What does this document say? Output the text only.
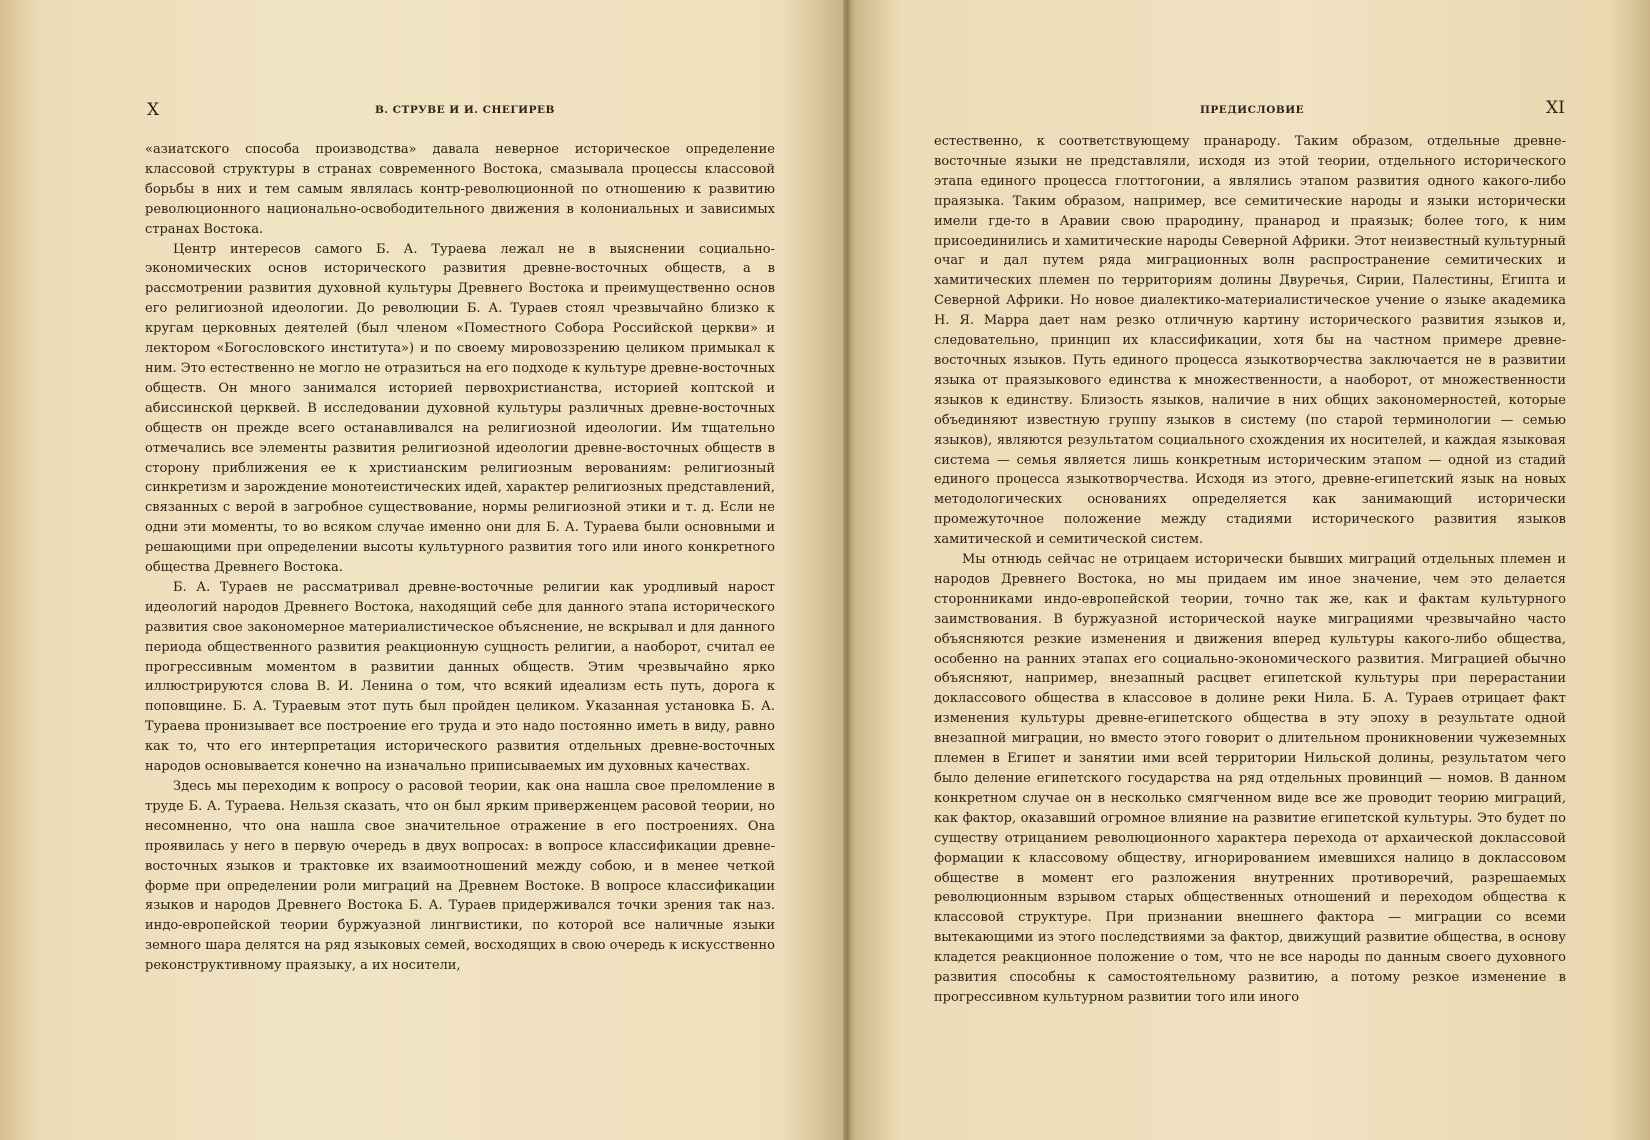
X	В. СТРУВЕ И И. СНЕГИРЕВ

«азиатского способа производства» давала неверное историческое определение классовой структуры в странах современного Востока, смазывала процессы классовой борьбы в них и тем самым являлась контр-революционной по отношению к развитию революционного национально-освободительного движения в колониальных и зависимых странах Востока.

Центр интересов самого Б. А. Тураева лежал не в выяснении социально-экономических основ исторического развития древне-восточных обществ, а в рассмотрении развития духовной культуры Древнего Востока и преимущественно основ его религиозной идеологии. До революции Б. А. Тураев стоял чрезвычайно близко к кругам церковных деятелей (был членом «Поместного Собора Российской церкви» и лектором «Богословского института») и по своему мировоззрению целиком примыкал к ним. Это естественно не могло не отразиться на его подходе к культуре древне-восточных обществ. Он много занимался историей первохристианства, историей коптской и абиссинской церквей. В исследовании духовной культуры различных древне-восточных обществ он прежде всего останавливался на религиозной идеологии. Им тщательно отмечались все элементы развития религиозной идеологии древне-восточных обществ в сторону приближения ее к христианским религиозным верованиям: религиозный синкретизм и зарождение монотеистических идей, характер религиозных представлений, связанных с верой в загробное существование, нормы религиозной этики и т. д. Если не одни эти моменты, то во всяком случае именно они для Б. А. Тураева были основными и решающими при определении высоты культурного развития того или иного конкретного общества Древнего Востока.

Б. А. Тураев не рассматривал древне-восточные религии как уродливый нарост идеологий народов Древнего Востока, находящий себе для данного этапа исторического развития свое закономерное материалистическое объяснение, не вскрывал и для данного периода общественного развития реакционную сущность религии, а наоборот, считал ее прогрессивным моментом в развитии данных обществ. Этим чрезвычайно ярко иллюстрируются слова В. И. Ленина о том, что всякий идеализм есть путь, дорога к поповщине. Б. А. Тураевым этот путь был пройден целиком. Указанная установка Б. А. Тураева пронизывает все построение его труда и это надо постоянно иметь в виду, равно как то, что его интерпретация исторического развития отдельных древне-восточных народов основывается конечно на изначально приписываемых им духовных качествах.

Здесь мы переходим к вопросу о расовой теории, как она нашла свое преломление в труде Б. А. Тураева. Нельзя сказать, что он был ярким приверженцем расовой теории, но несомненно, что она нашла свое значительное отражение в его построениях. Она проявилась у него в первую очередь в двух вопросах: в вопросе классификации древне-восточных языков и трактовке их взаимоотношений между собою, и в менее четкой форме при определении роли миграций на Древнем Востоке. В вопросе классификации языков и народов Древнего Востока Б. А. Тураев придерживался точки зрения так наз. индо-европейской теории буржуазной лингвистики, по которой все наличные языки земного шара делятся на ряд языковых семей, восходящих в свою очередь к искусственно реконструктивному праязыку, а их носители,

ПРЕДИСЛОВИЕ	XI

естественно, к соответствующему пранароду. Таким образом, отдельные древне-восточные языки не представляли, исходя из этой теории, отдельного исторического этапа единого процесса глоттогонии, а являлись этапом развития одного какого-либо праязыка. Таким образом, например, все семитические народы и языки исторически имели где-то в Аравии свою прародину, пранарод и праязык; более того, к ним присоединились и хамитические народы Северной Африки. Этот неизвестный культурный очаг и дал путем ряда миграционных волн распространение семитических и хамитических племен по территориям долины Двуречья, Сирии, Палестины, Египта и Северной Африки. Но новое диалектико-материалистическое учение о языке академика Н. Я. Марра дает нам резко отличную картину исторического развития языков и, следовательно, принцип их классификации, хотя бы на частном примере древне-восточных языков. Путь единого процесса языкотворчества заключается не в развитии языка от праязыкового единства к множественности, а наоборот, от множественности языков к единству. Близость языков, наличие в них общих закономерностей, которые объединяют известную группу языков в систему (по старой терминологии — семью языков), являются результатом социального схождения их носителей, и каждая языковая система — семья является лишь конкретным историческим этапом — одной из стадий единого процесса языкотворчества. Исходя из этого, древне-египетский язык на новых методологических основаниях определяется как занимающий исторически промежуточное положение между стадиями исторического развития языков хамитической и семитической систем.

Мы отнюдь сейчас не отрицаем исторически бывших миграций отдельных племен и народов Древнего Востока, но мы придаем им иное значение, чем это делается сторонниками индо-европейской теории, точно так же, как и фактам культурного заимствования. В буржуазной исторической науке миграциями чрезвычайно часто объясняются резкие изменения и движения вперед культуры какого-либо общества, особенно на ранних этапах его социально-экономического развития. Миграцией обычно объясняют, например, внезапный расцвет египетской культуры при перерастании доклассового общества в классовое в долине реки Нила. Б. А. Тураев отрицает факт изменения культуры древне-египетского общества в эту эпоху в результате одной внезапной миграции, но вместо этого говорит о длительном проникновении чужеземных племен в Египет и занятии ими всей территории Нильской долины, результатом чего было деление египетского государства на ряд отдельных провинций — номов. В данном конкретном случае он в несколько смягченном виде все же проводит теорию миграций, как фактор, оказавший огромное влияние на развитие египетской культуры. Это будет по существу отрицанием революционного характера перехода от архаической доклассовой формации к классовому обществу, игнорированием имевшихся налицо в доклассовом обществе в момент его разложения внутренних противоречий, разрешаемых революционным взрывом старых общественных отношений и переходом общества к классовой структуре. При признании внешнего фактора — миграции со всеми вытекающими из этого последствиями за фактор, движущий развитие общества, в основу кладется реакционное положение о том, что не все народы по данным своего духовного развития способны к самостоятельному развитию, а потому резкое изменение в прогрессивном культурном развитии того или иного
